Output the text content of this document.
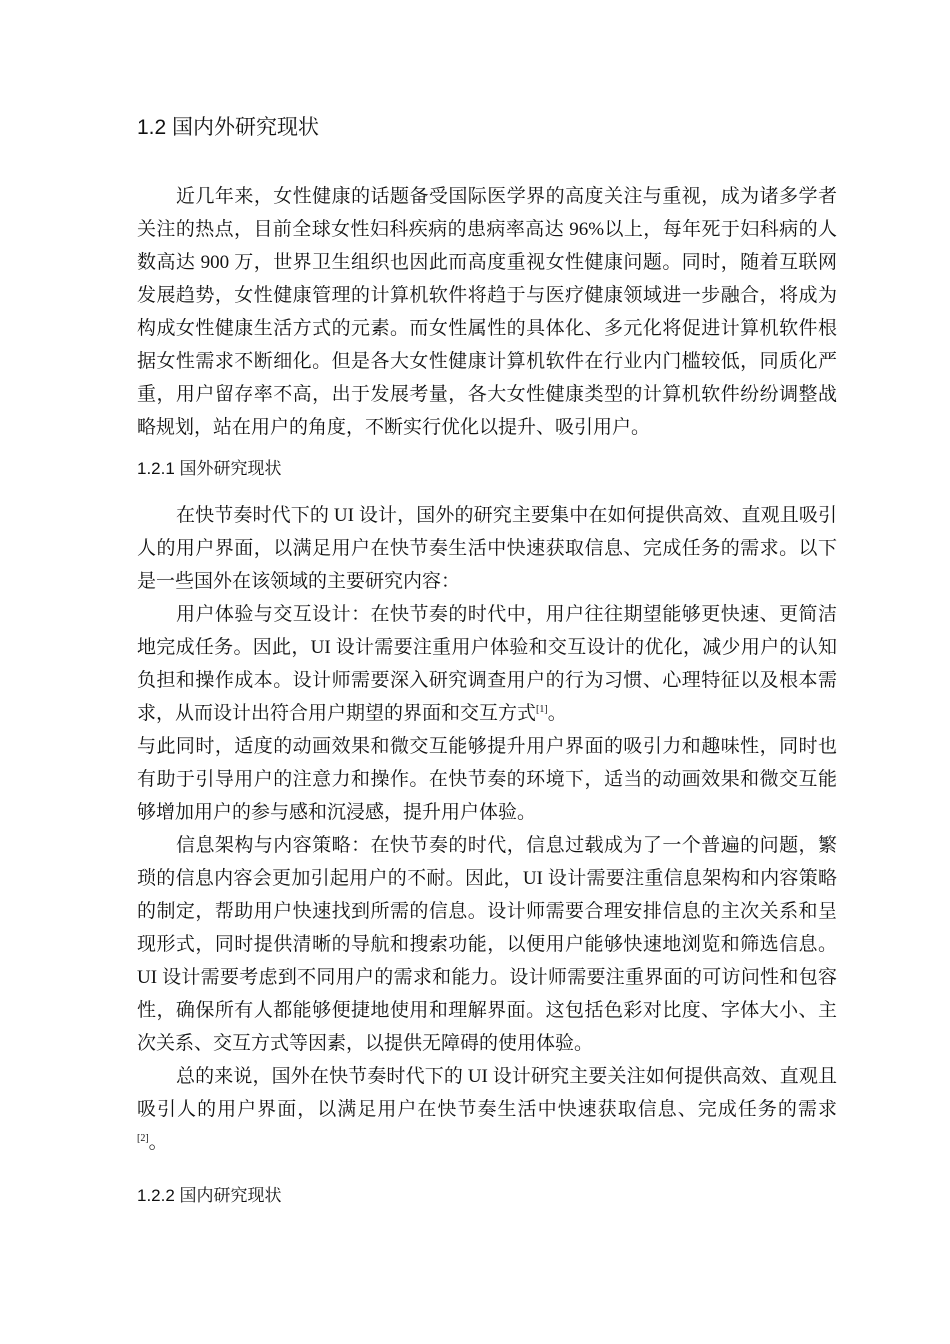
1.2 国内外研究现状
近几年来，女性健康的话题备受国际医学界的高度关注与重视，成为诸多学者
关注的热点，目前全球女性妇科疾病的患病率高达 96%以上，每年死于妇科病的人
数高达 900 万，世界卫生组织也因此而高度重视女性健康问题。同时，随着互联网
发展趋势，女性健康管理的计算机软件将趋于与医疗健康领域进一步融合，将成为
构成女性健康生活方式的元素。而女性属性的具体化、多元化将促进计算机软件根
据女性需求不断细化。但是各大女性健康计算机软件在行业内门槛较低，同质化严
重，用户留存率不高，出于发展考量，各大女性健康类型的计算机软件纷纷调整战
略规划，站在用户的角度，不断实行优化以提升、吸引用户。
1.2.1 国外研究现状
在快节奏时代下的 UI 设计，国外的研究主要集中在如何提供高效、直观且吸引
人的用户界面，以满足用户在快节奏生活中快速获取信息、完成任务的需求。以下
是一些国外在该领域的主要研究内容：
用户体验与交互设计：在快节奏的时代中，用户往往期望能够更快速、更简洁
地完成任务。因此，UI 设计需要注重用户体验和交互设计的优化，减少用户的认知
负担和操作成本。设计师需要深入研究调查用户的行为习惯、心理特征以及根本需
求，从而设计出符合用户期望的界面和交互方式[1]。
与此同时，适度的动画效果和微交互能够提升用户界面的吸引力和趣味性，同时也
有助于引导用户的注意力和操作。在快节奏的环境下，适当的动画效果和微交互能
够增加用户的参与感和沉浸感，提升用户体验。
信息架构与内容策略：在快节奏的时代，信息过载成为了一个普遍的问题，繁
琐的信息内容会更加引起用户的不耐。因此，UI 设计需要注重信息架构和内容策略
的制定，帮助用户快速找到所需的信息。设计师需要合理安排信息的主次关系和呈
现形式，同时提供清晰的导航和搜索功能，以便用户能够快速地浏览和筛选信息。
UI 设计需要考虑到不同用户的需求和能力。设计师需要注重界面的可访问性和包容
性，确保所有人都能够便捷地使用和理解界面。这包括色彩对比度、字体大小、主
次关系、交互方式等因素，以提供无障碍的使用体验。
总的来说，国外在快节奏时代下的 UI 设计研究主要关注如何提供高效、直观且
吸引人的用户界面，以满足用户在快节奏生活中快速获取信息、完成任务的需求
[2]。
1.2.2 国内研究现状
